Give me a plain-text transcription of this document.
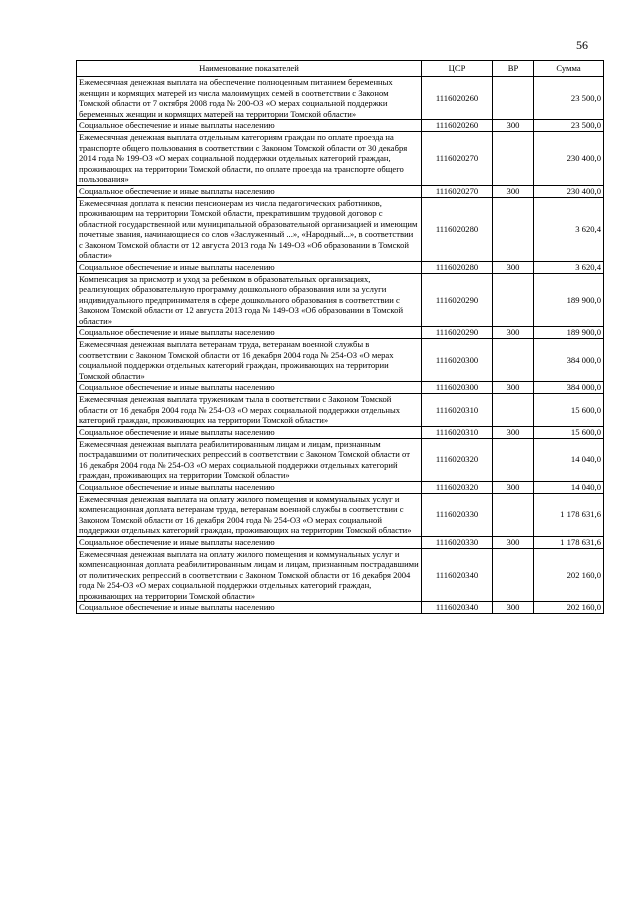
56
Наименование показателей	ЦСР	ВР	Сумма
Ежемесячная денежная выплата на обеспечение полноценным питанием беременных женщин и кормящих матерей из числа малоимущих семей в соответствии с Законом Томской области от 7 октября 2008 года № 200-ОЗ «О мерах социальной поддержки беременных женщин и кормящих матерей на территории Томской области»	1116020260		23 500,0
Социальное обеспечение и иные выплаты населению	1116020260	300	23 500,0
Ежемесячная денежная выплата отдельным категориям граждан по оплате проезда на транспорте общего пользования в соответствии с Законом Томской области от 30 декабря 2014 года № 199-ОЗ «О мерах социальной поддержки отдельных категорий граждан, проживающих на территории Томской области, по оплате проезда на транспорте общего пользования»	1116020270		230 400,0
Социальное обеспечение и иные выплаты населению	1116020270	300	230 400,0
Ежемесячная доплата к пенсии пенсионерам из числа педагогических работников, проживающим на территории Томской области, прекратившим трудовой договор с областной государственной или муниципальной образовательной организацией и имеющим почетные звания, начинающиеся со слов «Заслуженный ...», «Народный...», в соответствии с Законом Томской области от 12 августа 2013 года № 149-ОЗ «Об образовании в Томской области»	1116020280		3 620,4
Социальное обеспечение и иные выплаты населению	1116020280	300	3 620,4
Компенсация за присмотр и уход за ребенком в образовательных организациях, реализующих образовательную программу дошкольного образования или за услуги индивидуального предпринимателя в сфере дошкольного образования в соответствии с Законом Томской области от 12 августа 2013 года № 149-ОЗ «Об образовании в Томской области»	1116020290		189 900,0
Социальное обеспечение и иные выплаты населению	1116020290	300	189 900,0
Ежемесячная денежная выплата ветеранам труда, ветеранам военной службы в соответствии с Законом Томской области от 16 декабря 2004 года № 254-ОЗ «О мерах социальной поддержки отдельных категорий граждан, проживающих на территории Томской области»	1116020300		384 000,0
Социальное обеспечение и иные выплаты населению	1116020300	300	384 000,0
Ежемесячная денежная выплата труженикам тыла в соответствии с Законом Томской области от 16 декабря 2004 года № 254-ОЗ «О мерах социальной поддержки отдельных категорий граждан, проживающих на территории Томской области»	1116020310		15 600,0
Социальное обеспечение и иные выплаты населению	1116020310	300	15 600,0
Ежемесячная денежная выплата реабилитированным лицам и лицам, признанным пострадавшими от политических репрессий в соответствии с Законом Томской области от 16 декабря 2004 года № 254-ОЗ «О мерах социальной поддержки отдельных категорий граждан, проживающих на территории Томской области»	1116020320		14 040,0
Социальное обеспечение и иные выплаты населению	1116020320	300	14 040,0
Ежемесячная денежная выплата на оплату жилого помещения и коммунальных услуг и компенсационная доплата ветеранам труда, ветеранам военной службы в соответствии с Законом Томской области от 16 декабря 2004 года № 254-ОЗ «О мерах социальной поддержки отдельных категорий граждан, проживающих на территории Томской области»	1116020330		1 178 631,6
Социальное обеспечение и иные выплаты населению	1116020330	300	1 178 631,6
Ежемесячная денежная выплата на оплату жилого помещения и коммунальных услуг и компенсационная доплата реабилитированным лицам и лицам, признанным пострадавшими от политических репрессий в соответствии с Законом Томской области от 16 декабря 2004 года № 254-ОЗ «О мерах социальной поддержки отдельных категорий граждан, проживающих на территории Томской области»	1116020340		202 160,0
Социальное обеспечение и иные выплаты населению	1116020340	300	202 160,0
